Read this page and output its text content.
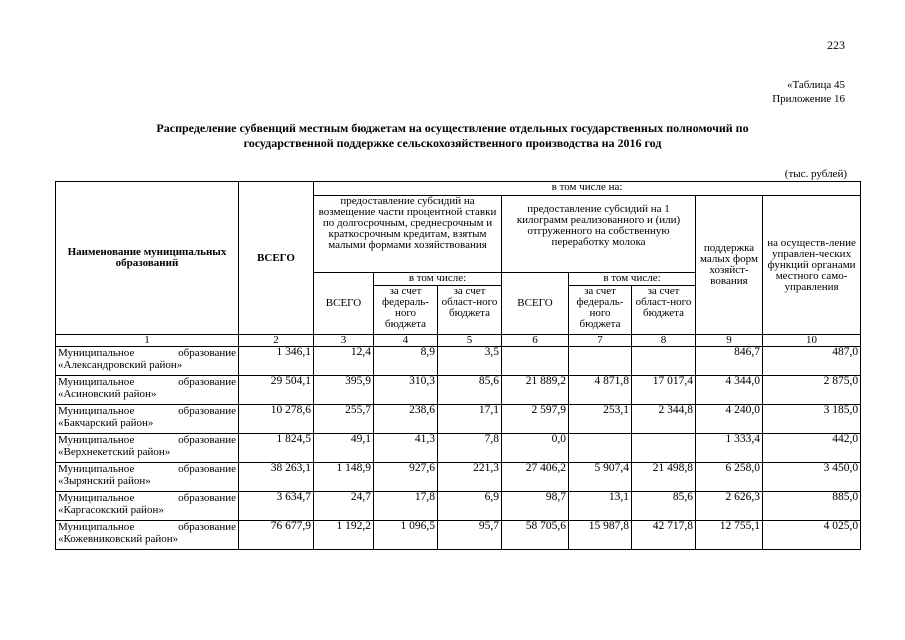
223
«Таблица 45
Приложение 16
Распределение субвенций местным бюджетам на осуществление отдельных государственных полномочий по
государственной поддержке сельскохозяйственного производства на 2016 год
(тыс. рублей)
Наименование муниципальных образований	ВСЕГО	в том числе на:							
		предоставление субсидий на возмещение части процентной ставки по долгосрочным, среднесрочным и краткосрочным кредитам, взятым малыми формами хозяйствования			предоставление субсидий на 1 килограмм реализованного и (или) отгруженного на собственную переработку молока			поддержка малых форм хозяйст-вования	на осуществ-ление управлен-ческих функций органами местного само-управления
		ВСЕГО	в том числе:		ВСЕГО	в том числе:			
			за счет федераль-ного бюджета	за счет област-ного бюджета		за счет федераль-ного бюджета	за счет област-ного бюджета		
1	2	3	4	5	6	7	8	9	10

Муниципальное образование
«Александровский район»	1 346,1	12,4	8,9	3,5				846,7	487,0

Муниципальное образование
«Асиновский район»	29 504,1	395,9	310,3	85,6	21 889,2	4 871,8	17 017,4	4 344,0	2 875,0

Муниципальное образование
«Бакчарский район»	10 278,6	255,7	238,6	17,1	2 597,9	253,1	2 344,8	4 240,0	3 185,0

Муниципальное образование
«Верхнекетский район»	1 824,5	49,1	41,3	7,8	0,0			1 333,4	442,0

Муниципальное образование
«Зырянский район»	38 263,1	1 148,9	927,6	221,3	27 406,2	5 907,4	21 498,8	6 258,0	3 450,0

Муниципальное образование
«Каргасокский район»	3 634,7	24,7	17,8	6,9	98,7	13,1	85,6	2 626,3	885,0

Муниципальное образование
«Кожевниковский район»	76 677,9	1 192,2	1 096,5	95,7	58 705,6	15 987,8	42 717,8	12 755,1	4 025,0
